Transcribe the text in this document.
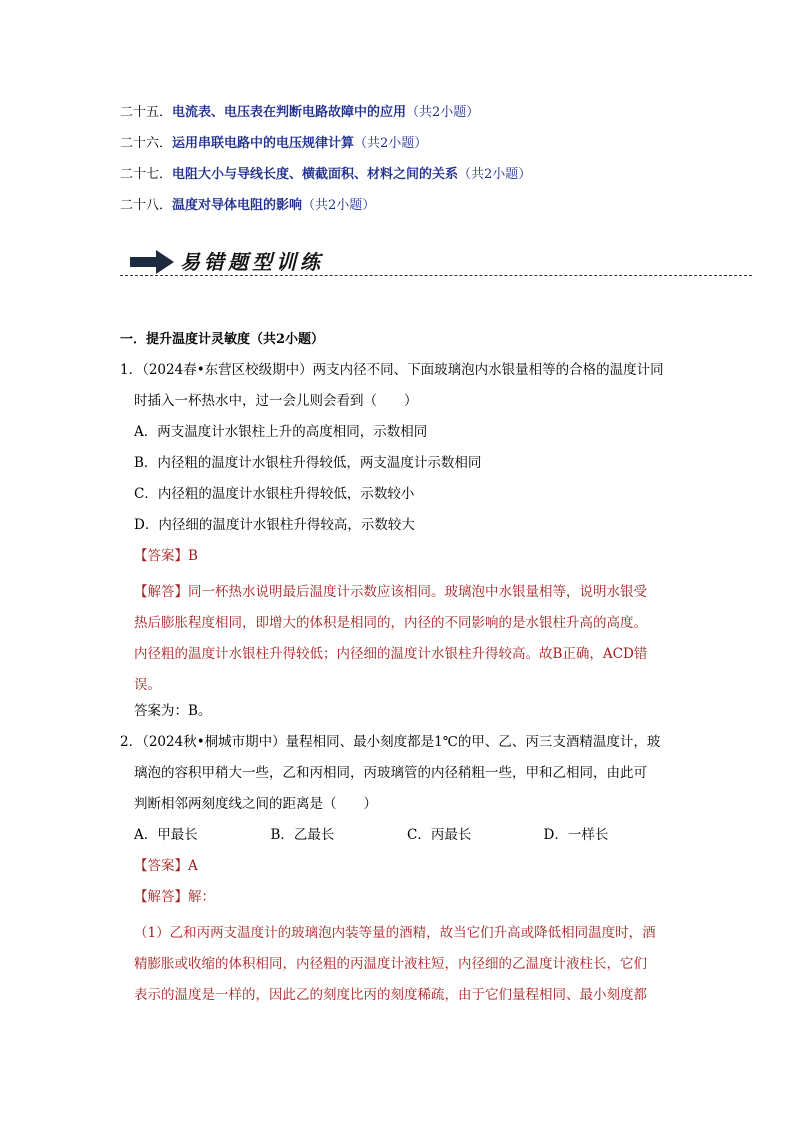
二十五．电流表、电压表在判断电路故障中的应用（共2小题）
二十六．运用串联电路中的电压规律计算（共2小题）
二十七．电阻大小与导线长度、横截面积、材料之间的关系（共2小题）
二十八．温度对导体电阻的影响（共2小题）
易错题型训练
一．提升温度计灵敏度（共2小题）
1．（2024春•东营区校级期中）两支内径不同、下面玻璃泡内水银量相等的合格的温度计同
时插入一杯热水中，过一会儿则会看到（　　）
A．两支温度计水银柱上升的高度相同，示数相同
B．内径粗的温度计水银柱升得较低，两支温度计示数相同
C．内径粗的温度计水银柱升得较低，示数较小
D．内径细的温度计水银柱升得较高，示数较大
【答案】B
【解答】同一杯热水说明最后温度计示数应该相同。玻璃泡中水银量相等，说明水银受
热后膨胀程度相同，即增大的体积是相同的，内径的不同影响的是水银柱升高的高度。
内径粗的温度计水银柱升得较低；内径细的温度计水银柱升得较高。故B正确，ACD错
误。
答案为：B。
2．（2024秋•桐城市期中）量程相同、最小刻度都是1℃的甲、乙、丙三支酒精温度计，玻
璃泡的容积甲稍大一些，乙和丙相同，丙玻璃管的内径稍粗一些，甲和乙相同，由此可
判断相邻两刻度线之间的距离是（　　）
A．甲最长	B．乙最长	C．丙最长	D．一样长
【答案】A
【解答】解：
（1）乙和丙两支温度计的玻璃泡内装等量的酒精，故当它们升高或降低相同温度时，酒
精膨胀或收缩的体积相同，内径粗的丙温度计液柱短，内径细的乙温度计液柱长，它们
表示的温度是一样的，因此乙的刻度比丙的刻度稀疏，由于它们量程相同、最小刻度都
